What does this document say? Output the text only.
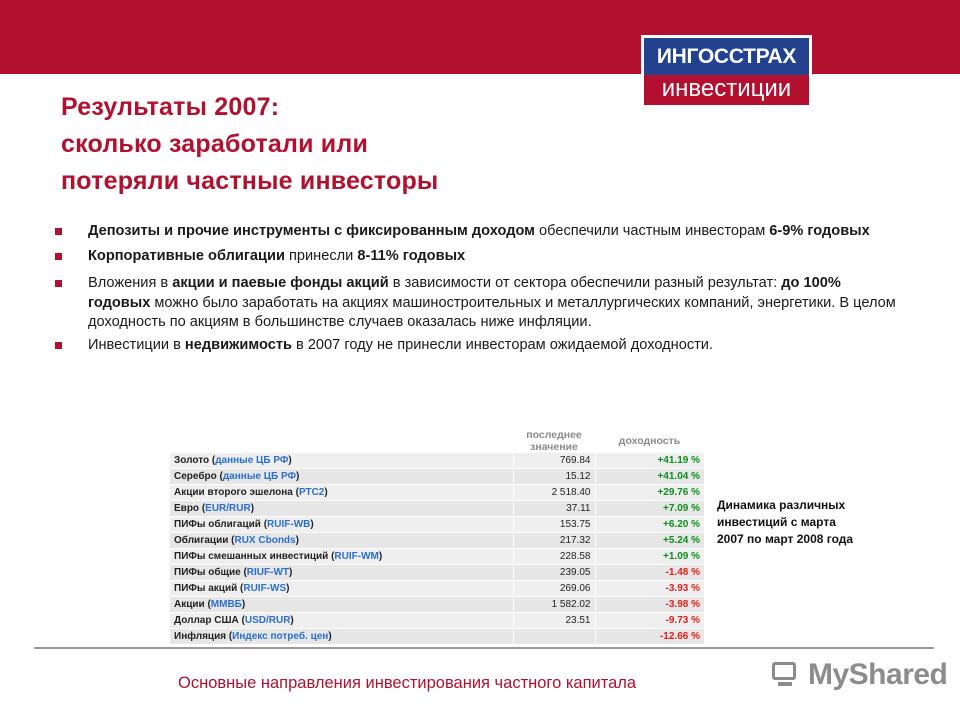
ИНГОССТРАХ
инвестиции
Результаты 2007:
сколько заработали или
потеряли частные инвесторы
Депозиты и прочие инструменты с фиксированным доходом обеспечили частным инвесторам 6-9% годовых
Корпоративные облигации принесли 8-11% годовых
Вложения в акции и паевые фонды акций в зависимости от сектора обеспечили разный результат: до 100% годовых можно было заработать на акциях машиностроительных и металлургических компаний, энергетики. В целом доходность по акциям в большинстве случаев оказалась ниже инфляции.
Инвестиции в недвижимость в 2007 году не принесли инвесторам ожидаемой доходности.
	последнее значение	доходность
Золото (данные ЦБ РФ)	769.84	+41.19 %
Серебро (данные ЦБ РФ)	15.12	+41.04 %
Акции второго эшелона (РТС2)	2 518.40	+29.76 %
Евро (EUR/RUR)	37.11	+7.09 %
ПИФы облигаций (RUIF-WB)	153.75	+6.20 %
Облигации (RUX Cbonds)	217.32	+5.24 %
ПИФы смешанных инвестиций (RUIF-WM)	228.58	+1.09 %
ПИФы общие (RIUF-WT)	239.05	-1.48 %
ПИФы акций (RUIF-WS)	269.06	-3.93 %
Акции (ММВБ)	1 582.02	-3.98 %
Доллар США (USD/RUR)	23.51	-9.73 %
Инфляция (Индекс потреб. цен)		-12.66 %
Динамика различных
инвестиций с марта
2007 по март 2008 года
Основные направления инвестирования частного капитала	MyShared
